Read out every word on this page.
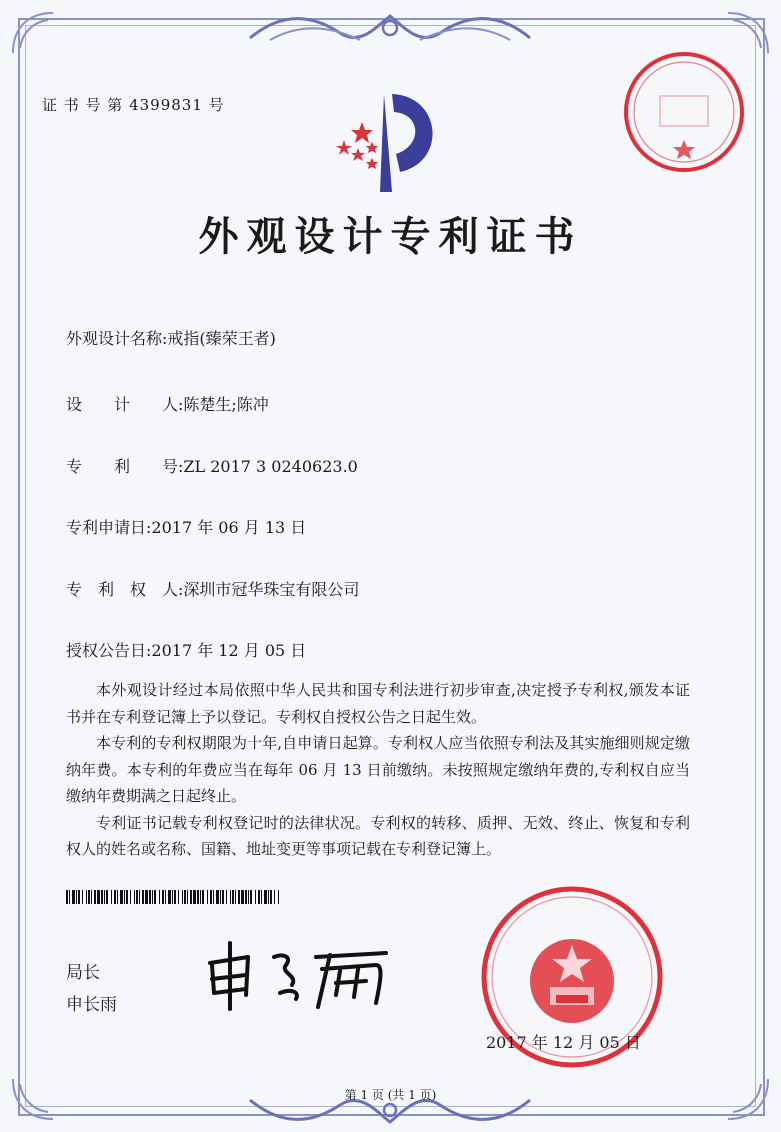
证 书 号 第 4399831 号
外观设计专利证书
外观设计名称:戒指(臻荣王者)
设　　计　　人:陈楚生;陈冲
专　　利　　号:ZL 2017 3 0240623.0
专利申请日:2017 年 06 月 13 日
专　利　权　人:深圳市冠华珠宝有限公司
授权公告日:2017 年 12 月 05 日

本外观设计经过本局依照中华人民共和国专利法进行初步审查,决定授予专利权,颁发本证书并在专利登记簿上予以登记。专利权自授权公告之日起生效。

本专利的专利权期限为十年,自申请日起算。专利权人应当依照专利法及其实施细则规定缴纳年费。本专利的年费应当在每年 06 月 13 日前缴纳。未按照规定缴纳年费的,专利权自应当缴纳年费期满之日起终止。

专利证书记载专利权登记时的法律状况。专利权的转移、质押、无效、终止、恢复和专利权人的姓名或名称、国籍、地址变更等事项记载在专利登记簿上。

局长
申长雨
2017 年 12 月 05 日
第 1 页 (共 1 页)
